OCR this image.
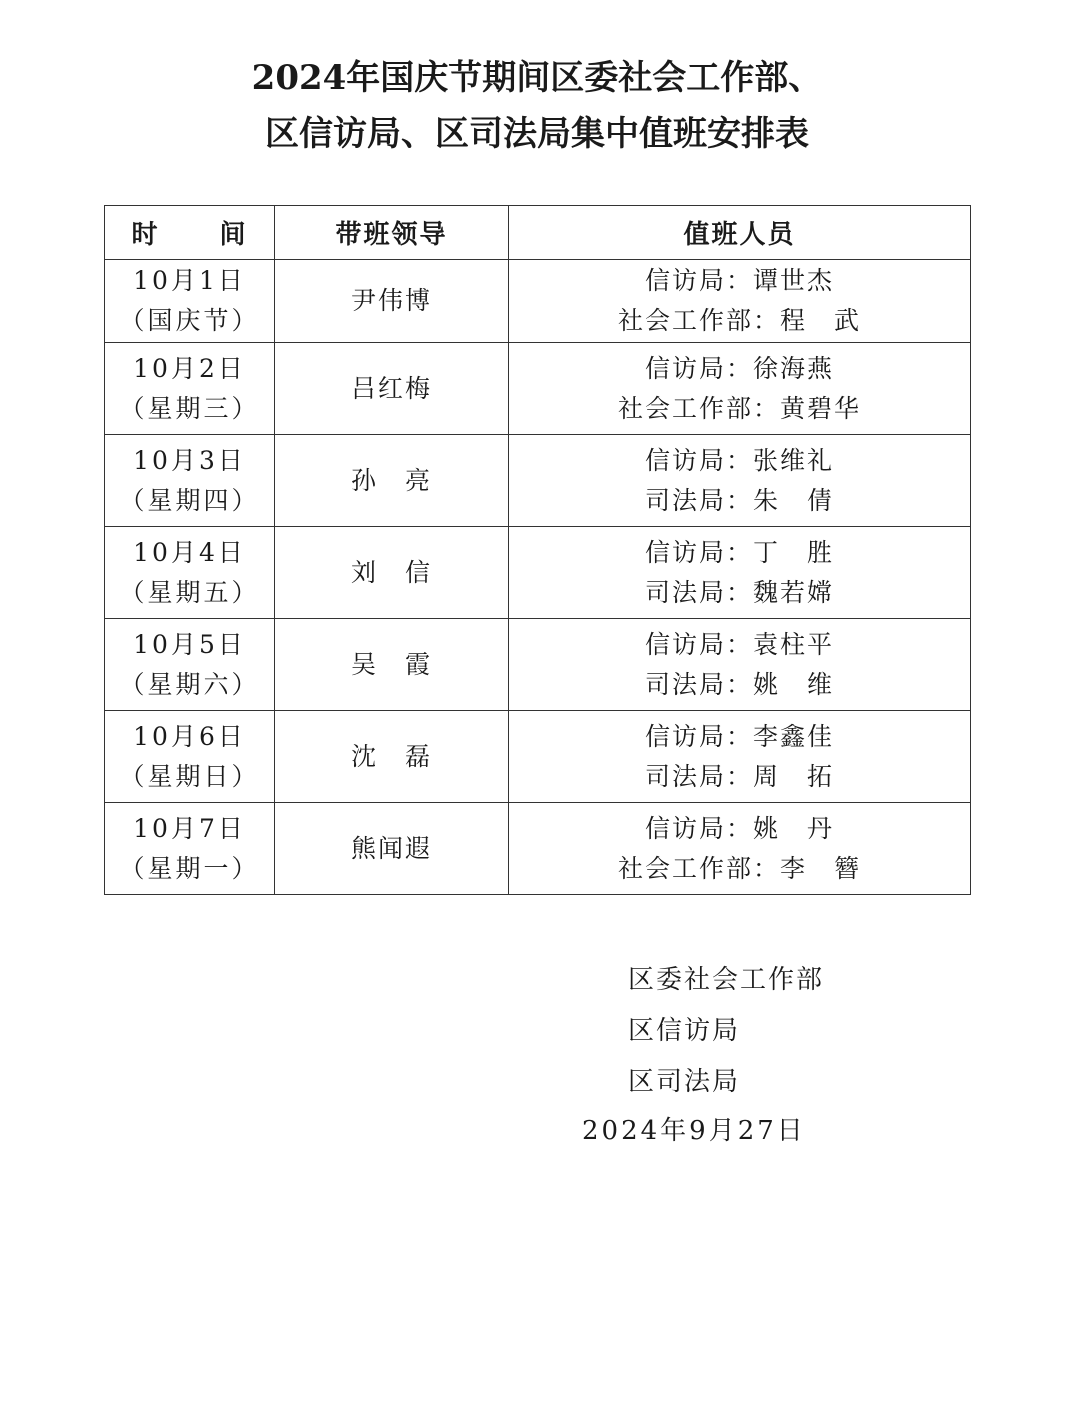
2024年国庆节期间区委社会工作部、
区信访局、区司法局集中值班安排表
时 间	带班领导	值班人员

10月1日
（国庆节）	尹伟博	信访局：谭世杰
社会工作部：程　武

10月2日
（星期三）	吕红梅	信访局：徐海燕
社会工作部：黄碧华

10月3日
（星期四）	孙　亮	信访局：张维礼
司法局：朱　倩

10月4日
（星期五）	刘　信	信访局：丁　胜
司法局：魏若嫦

10月5日
（星期六）	吴　霞	信访局：袁柱平
司法局：姚　维

10月6日
（星期日）	沈　磊	信访局：李鑫佳
司法局：周　拓

10月7日
（星期一）	熊闻遐	信访局：姚　丹
社会工作部：李　簪
区委社会工作部
区信访局
区司法局
2024年9月27日
